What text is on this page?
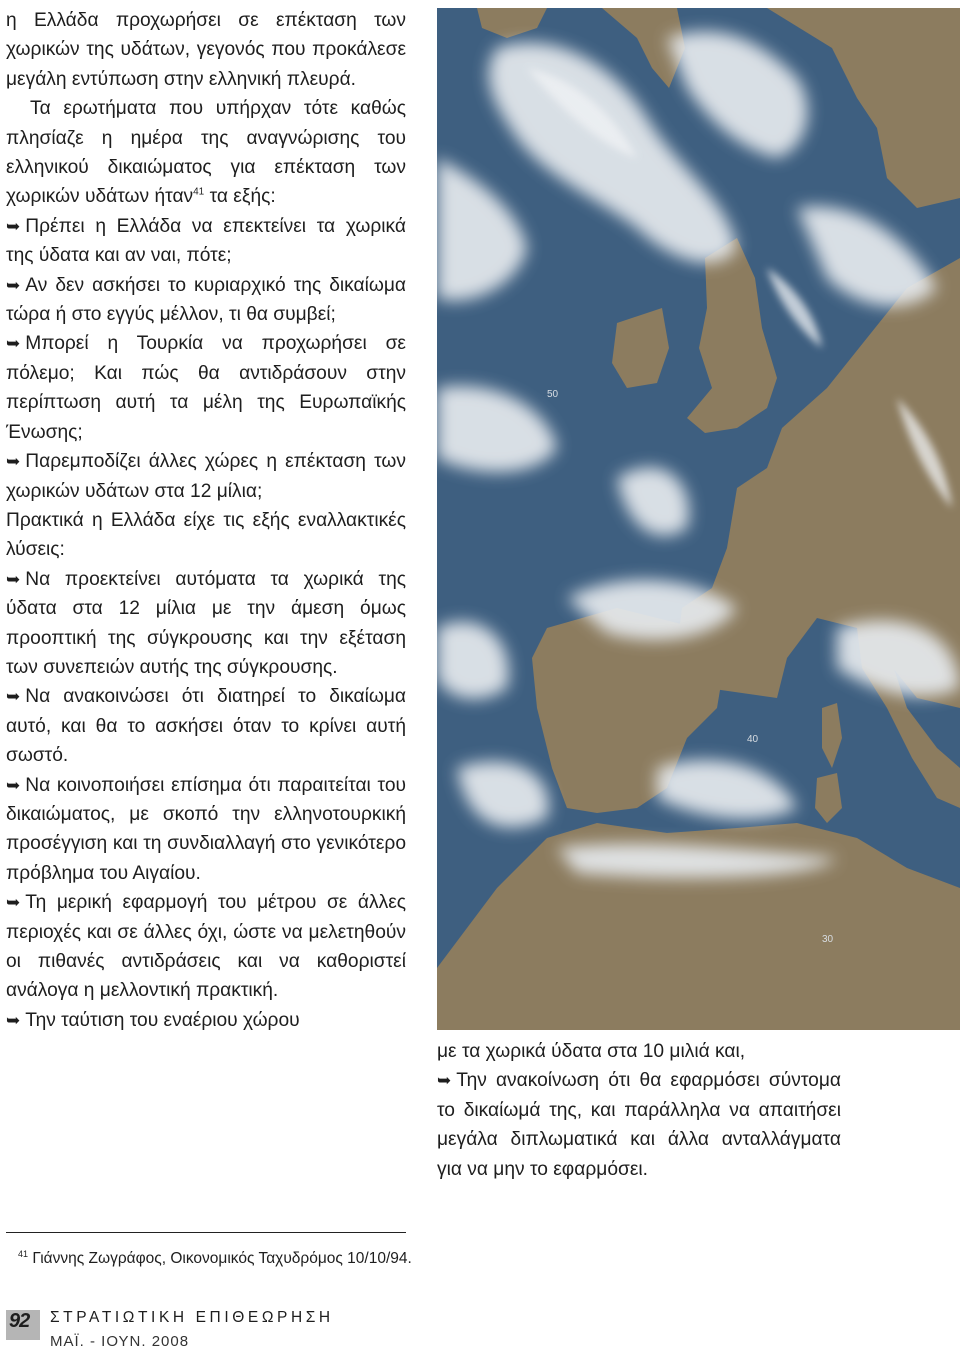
η Ελλάδα προχωρήσει σε επέκταση των χωρικών της υδάτων, γεγονός που προκάλεσε μεγάλη εντύπωση στην ελληνική πλευρά.

Τα ερωτήματα που υπήρχαν τότε καθώς πλησίαζε η ημέρα της αναγνώρισης του ελληνικού δικαιώματος για επέκταση των χωρικών υδάτων ήταν$^{41}$ τα εξής:

➥ Πρέπει η Ελλάδα να επεκτείνει τα χωρικά της ύδατα και αν ναι, πότε;

➥ Αν δεν ασκήσει το κυριαρχικό της δικαίωμα τώρα ή στο εγγύς μέλλον, τι θα συμβεί;

➥ Μπορεί η Τουρκία να προχωρήσει σε πόλεμο; Και πώς θα αντιδράσουν στην περίπτωση αυτή τα μέλη της Ευρωπαϊκής Ένωσης;

➥ Παρεμποδίζει άλλες χώρες η επέκταση των χωρικών υδάτων στα 12 μίλια;

Πρακτικά η Ελλάδα είχε τις εξής εναλλακτικές λύσεις:

➥ Να προεκτείνει αυτόματα τα χωρικά της ύδατα στα 12 μίλια με την άμεση όμως προοπτική της σύγκρουσης και την εξέταση των συνεπειών αυτής της σύγκρουσης.

➥ Να ανακοινώσει ότι διατηρεί το δικαίωμα αυτό, και θα το ασκήσει όταν το κρίνει αυτή σωστό.

➥ Να κοινοποιήσει επίσημα ότι παραιτείται του δικαιώματος, με σκοπό την ελληνοτουρκική προσέγγιση και τη συνδιαλλαγή στο γενικότερο πρόβλημα του Αιγαίου.

➥ Τη μερική εφαρμογή του μέτρου σε άλλες περιοχές και σε άλλες όχι, ώστε να μελετηθούν οι πιθανές αντιδράσεις και να καθοριστεί ανάλογα η μελλοντική πρακτική.

➥ Την ταύτιση του εναέριου χώρου

50
40
30

με τα χωρικά ύδατα στα 10 μιλιά και,

➥ Την ανακοίνωση ότι θα εφαρμόσει σύντομα το δικαίωμά της, και παράλληλα να απαιτήσει μεγάλα διπλωματικά και άλλα ανταλλάγματα για να μην το εφαρμόσει.

$^{41}$ Γιάννης Ζωγράφος, Οικονομικός Ταχυδρόμος 10/10/94.
92 ΣΤΡΑΤΙΩΤΙΚΗ ΕΠΙΘΕΩΡΗΣΗ
ΜΑΪ. - ΙΟΥΝ. 2008
